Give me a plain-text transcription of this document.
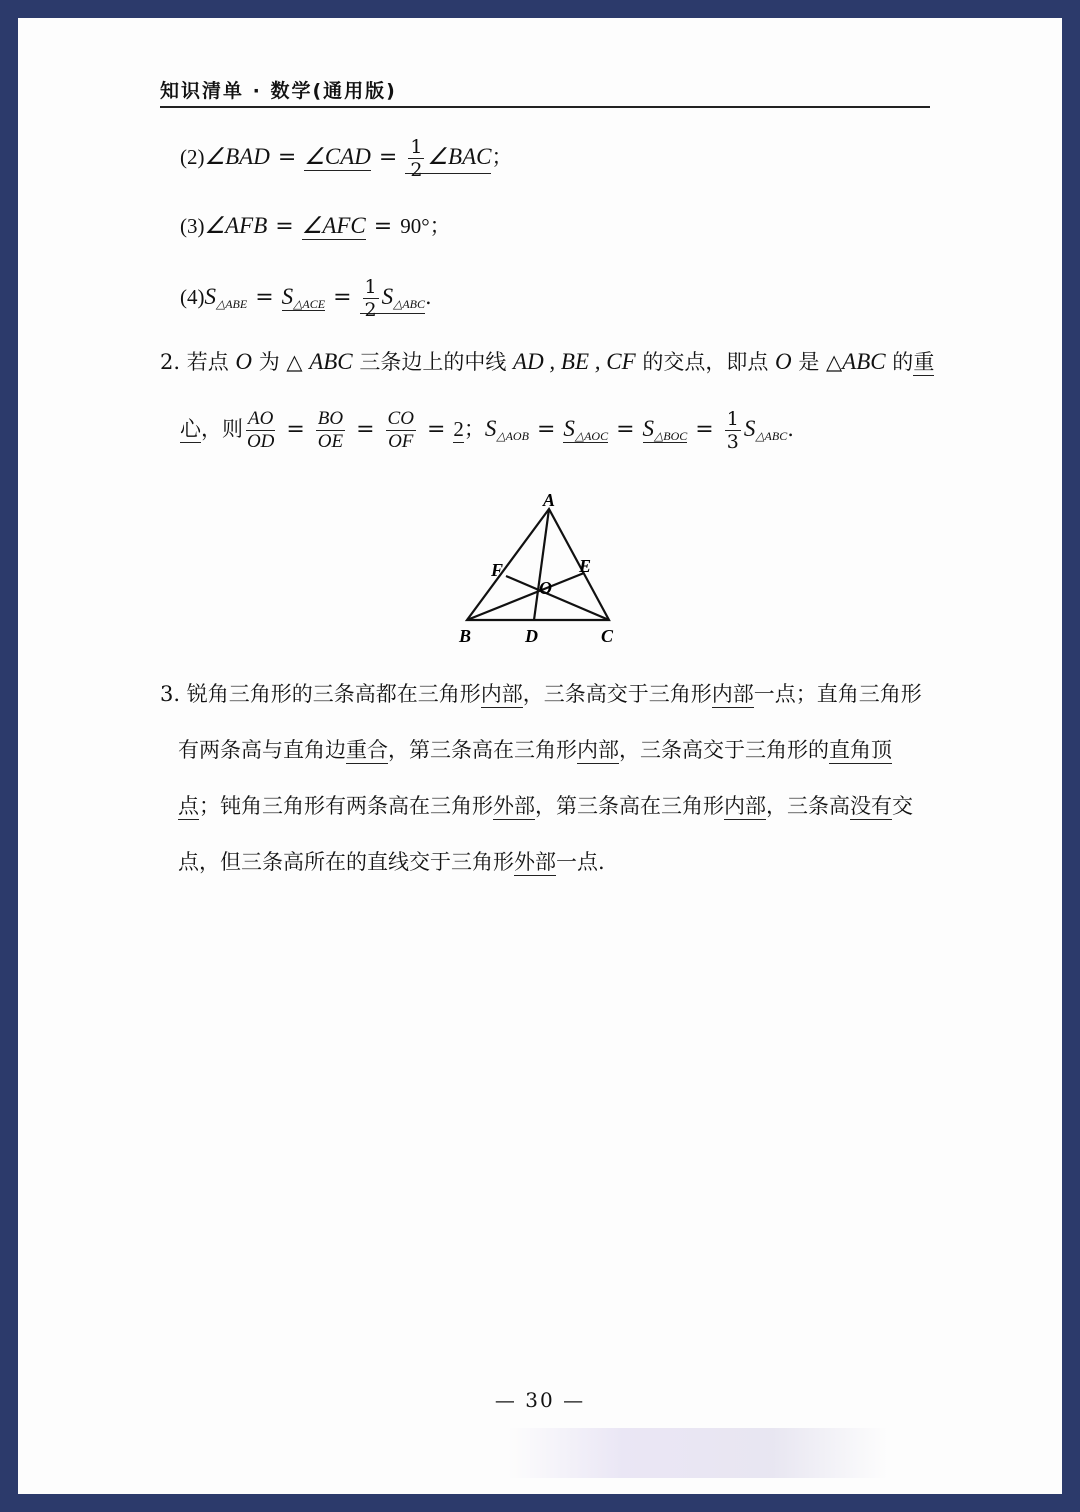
知识清单 · 数学(通用版)
(2)∠BAD = ∠CAD = $\frac{1}{2}$ ∠BAC；
(3)∠AFB = ∠AFC = 90°；
$(4)S_{\triangle ABE} = S_{\triangle ACE} = \frac{1}{2} S_{\triangle ABC}$.
2. 若点 O 为 △ ABC 三条边上的中线 AD , BE , CF 的交点，即点 O 是 △ABC 的重
心，则 $\frac{AO}{OD} = \frac{BO}{OE} = \frac{CO}{OF} = 2$；$S_{\triangle AOB} = S_{\triangle AOC} = S_{\triangle BOC} = \frac{1}{3} S_{\triangle ABC}$.
A
B	C
D
E
F
O

3. 锐角三角形的三条高都在三角形内部，三条高交于三角形内部一点；直角三角形

有两条高与直角边重合，第三条高在三角形内部，三条高交于三角形的直角顶

点；钝角三角形有两条高在三角形外部，第三条高在三角形内部，三条高没有交

点，但三条高所在的直线交于三角形外部一点.

— 30 —
